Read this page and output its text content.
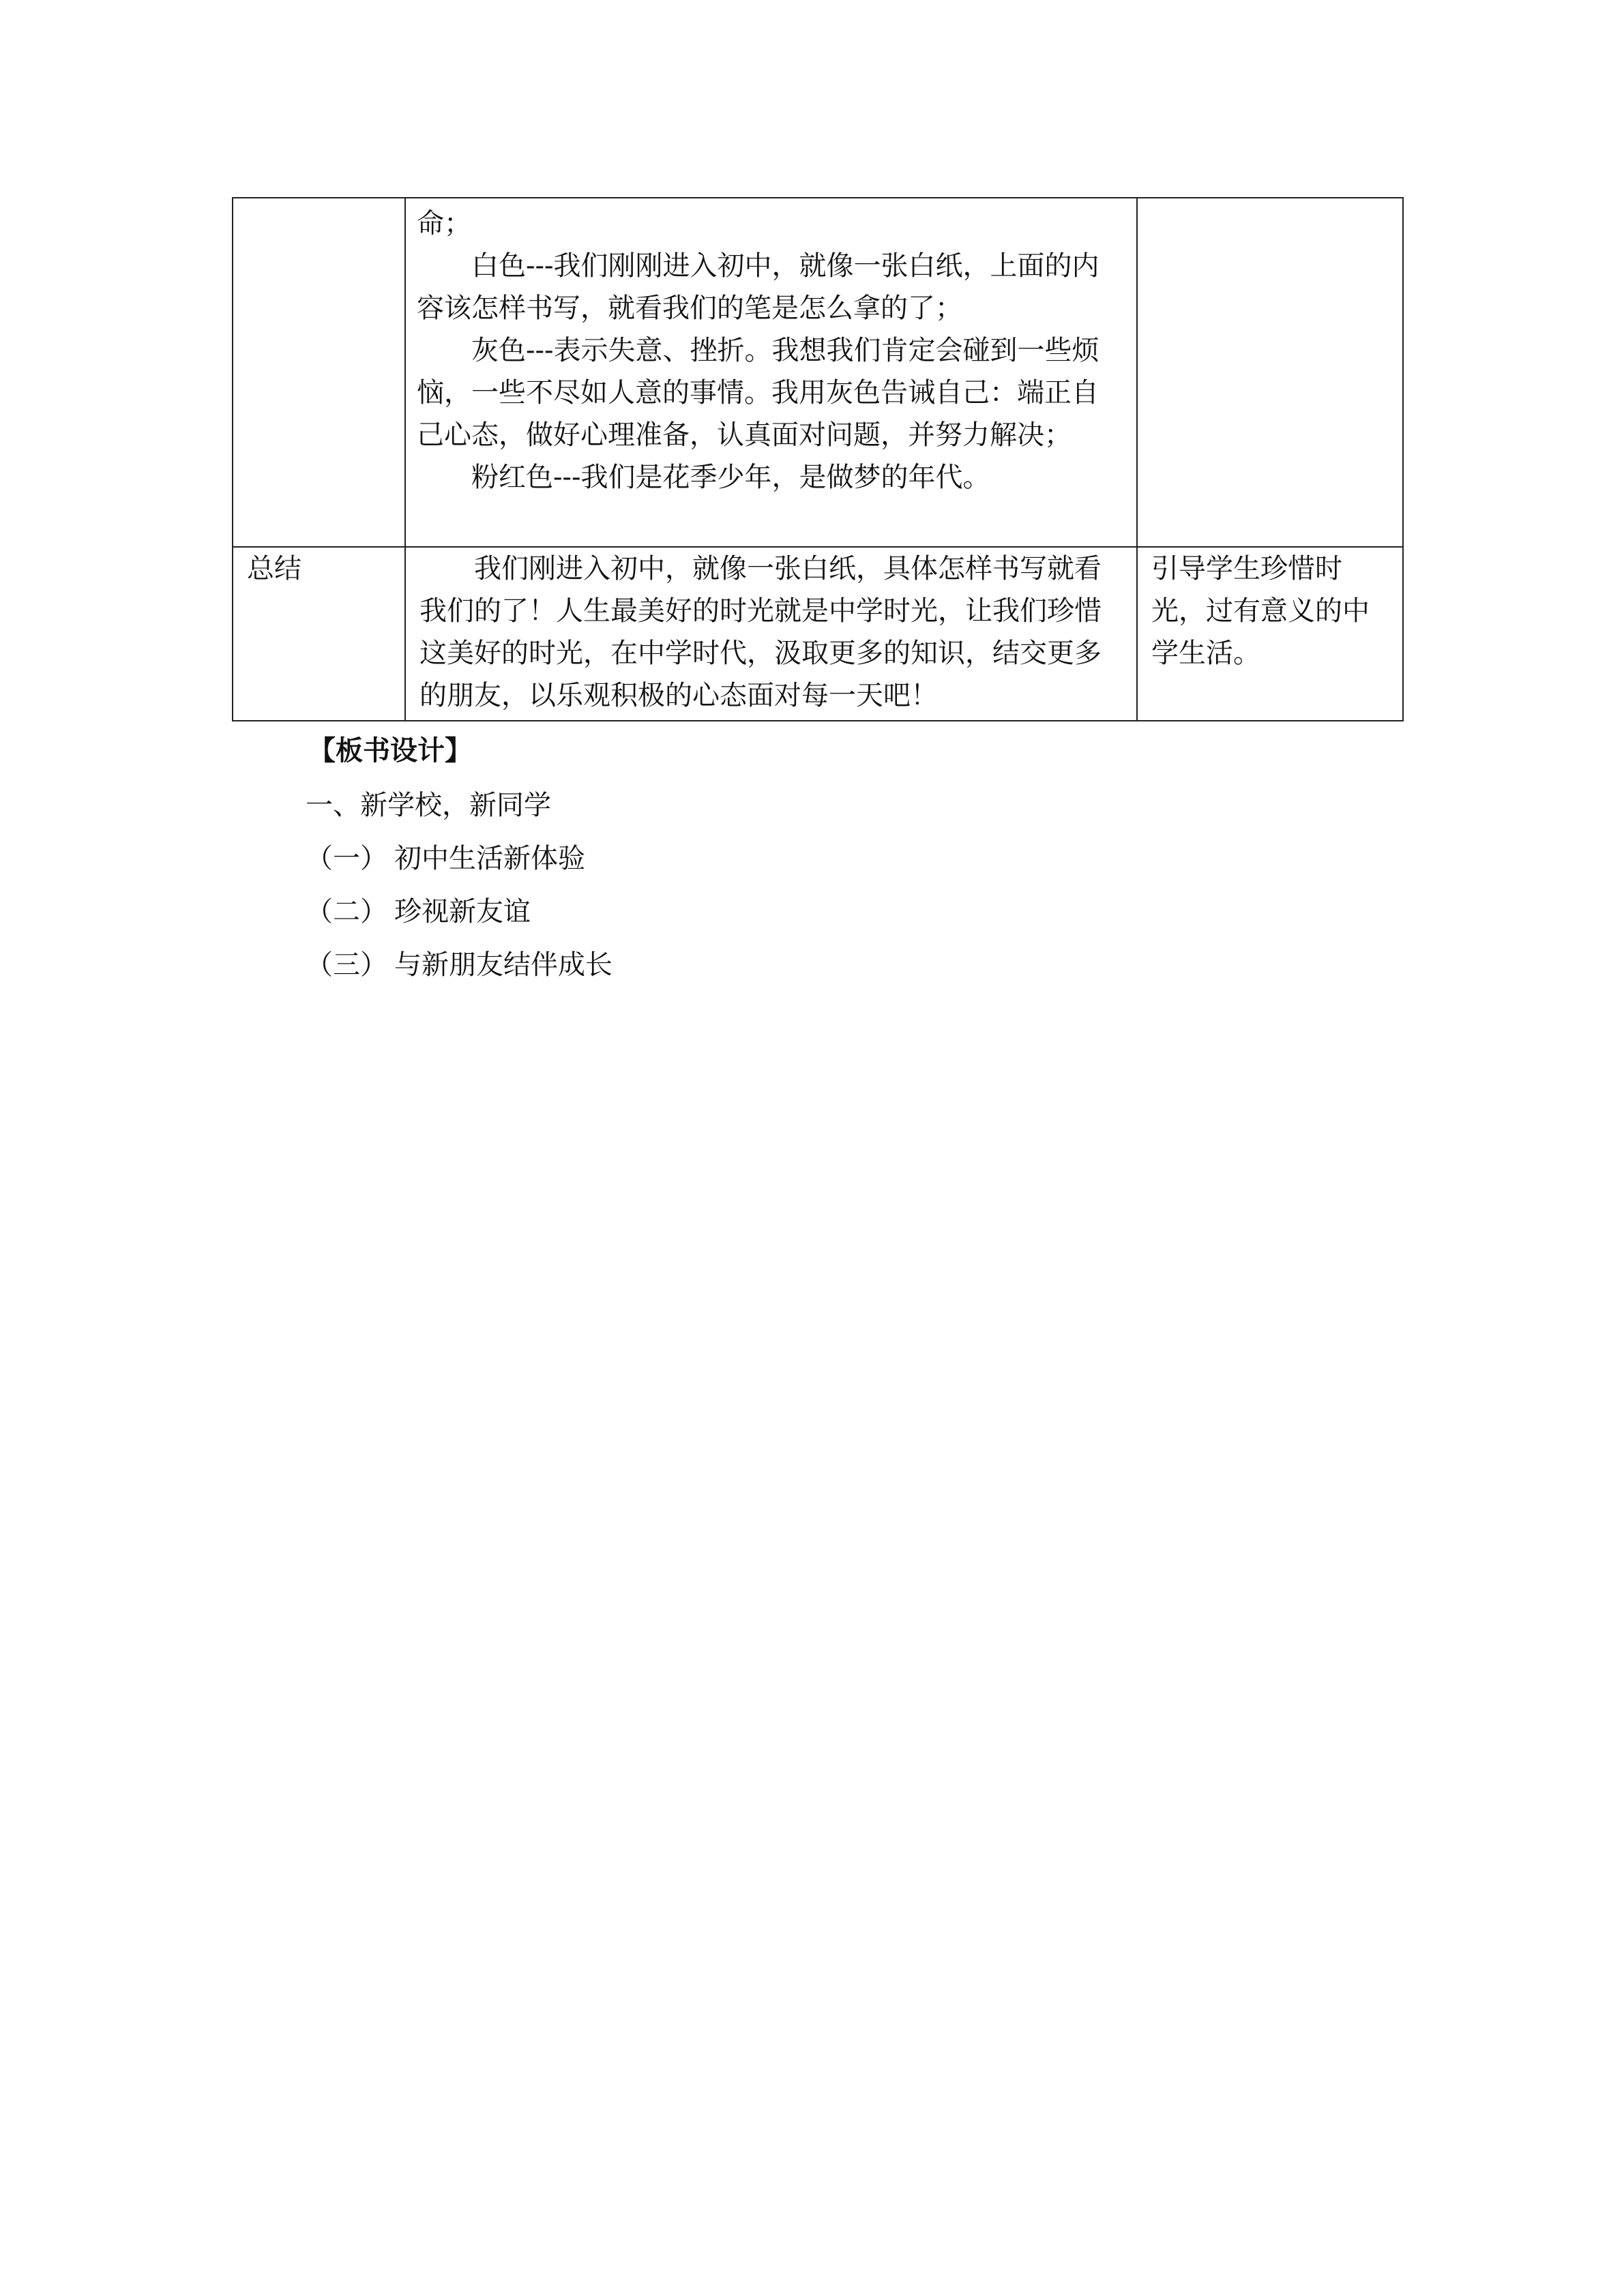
	命；

白色---我们刚刚进入初中，就像一张白纸，上面的内容该怎样书写，就看我们的笔是怎么拿的了；

灰色---表示失意、挫折。我想我们肯定会碰到一些烦恼，一些不尽如人意的事情。我用灰色告诫自己：端正自己心态，做好心理准备，认真面对问题，并努力解决；

粉红色---我们是花季少年，是做梦的年代。	

总结	我们刚进入初中，就像一张白纸，具体怎样书写就看我们的了！人生最美好的时光就是中学时光，让我们珍惜这美好的时光，在中学时代，汲取更多的知识，结交更多的朋友，以乐观积极的心态面对每一天吧！	引导学生珍惜时光，过有意义的中学生活。
【板书设计】
一、新学校，新同学
（一） 初中生活新体验
（二） 珍视新友谊
（三） 与新朋友结伴成长
